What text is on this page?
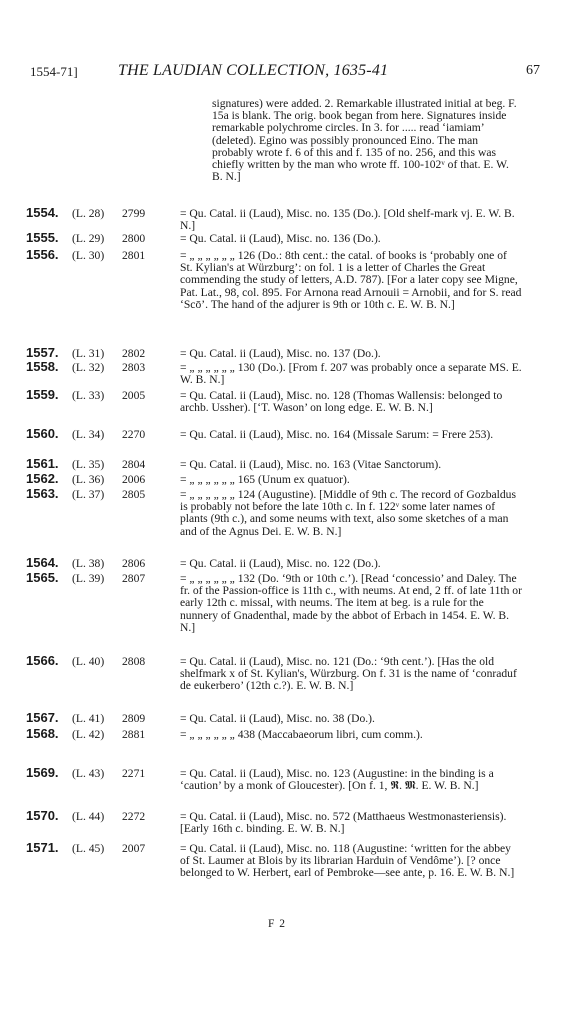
1554-71]	THE LAUDIAN COLLECTION, 1635-41	67
signatures) were added. 2. Remarkable illustrated initial at beg. F. 15a is blank. The orig. book began from here. Signatures inside remarkable polychrome circles. In 3. for ..... read ‘iamiam’ (deleted). Egino was possibly pronounced Eino. The man probably wrote f. 6 of this and f. 135 of no. 256, and this was chiefly written by the man who wrote ff. 100-102ᵛ of that. E. W. B. N.]
1554. (L. 28) 2799	= Qu. Catal. ii (Laud), Misc. no. 135 (Do.). [Old shelf-mark vj. E. W. B. N.]
1555. (L. 29) 2800	= Qu. Catal. ii (Laud), Misc. no. 136 (Do.).
1556. (L. 30) 2801	= „ „ „ „ „ „ 126 (Do.: 8th cent.: the catal. of books is ‘probably one of St. Kylian's at Würzburg’: on fol. 1 is a letter of Charles the Great commending the study of letters, A.D. 787). [For a later copy see Migne, Pat. Lat., 98, col. 895. For Arnona read Arnouii = Arnobii, and for S. read ‘Scō’. The hand of the adjurer is 9th or 10th c. E. W. B. N.]
1557. (L. 31) 2802	= Qu. Catal. ii (Laud), Misc. no. 137 (Do.).
1558. (L. 32) 2803	= „ „ „ „ „ „ 130 (Do.). [From f. 207 was probably once a separate MS. E. W. B. N.]
1559. (L. 33) 2005	= Qu. Catal. ii (Laud), Misc. no. 128 (Thomas Wallensis: belonged to archb. Ussher). [‘T. Wason’ on long edge. E. W. B. N.]
1560. (L. 34) 2270	= Qu. Catal. ii (Laud), Misc. no. 164 (Missale Sarum: = Frere 253).
1561. (L. 35) 2804	= Qu. Catal. ii (Laud), Misc. no. 163 (Vitae Sanctorum).
1562. (L. 36) 2006	= „ „ „ „ „ „ 165 (Unum ex quatuor).
1563. (L. 37) 2805	= „ „ „ „ „ „ 124 (Augustine). [Middle of 9th c. The record of Gozbaldus is probably not before the late 10th c. In f. 122ᵛ some later names of plants (9th c.), and some neums with text, also some sketches of a man and of the Agnus Dei. E. W. B. N.]
1564. (L. 38) 2806	= Qu. Catal. ii (Laud), Misc. no. 122 (Do.).
1565. (L. 39) 2807	= „ „ „ „ „ „ 132 (Do. ‘9th or 10th c.’). [Read ‘concessio’ and Daley. The fr. of the Passion-office is 11th c., with neums. At end, 2 ff. of late 11th or early 12th c. missal, with neums. The item at beg. is a rule for the nunnery of Gnadenthal, made by the abbot of Erbach in 1454. E. W. B. N.]
1566. (L. 40) 2808	= Qu. Catal. ii (Laud), Misc. no. 121 (Do.: ‘9th cent.’). [Has the old shelfmark x of St. Kylian's, Würzburg. On f. 31 is the name of ‘conraduf de eukerbero’ (12th c.?). E. W. B. N.]
1567. (L. 41) 2809	= Qu. Catal. ii (Laud), Misc. no. 38 (Do.).
1568. (L. 42) 2881	= „ „ „ „ „ „ 438 (Maccabaeorum libri, cum comm.).
1569. (L. 43) 2271	= Qu. Catal. ii (Laud), Misc. no. 123 (Augustine: in the binding is a ‘caution’ by a monk of Gloucester). [On f. 1, 𝕽. 𝕸. E. W. B. N.]
1570. (L. 44) 2272	= Qu. Catal. ii (Laud), Misc. no. 572 (Matthaeus Westmonasteriensis). [Early 16th c. binding. E. W. B. N.]
1571. (L. 45) 2007	= Qu. Catal. ii (Laud), Misc. no. 118 (Augustine: ‘written for the abbey of St. Laumer at Blois by its librarian Harduin of Vendôme’). [? once belonged to W. Herbert, earl of Pembroke—see ante, p. 16. E. W. B. N.]
F 2
